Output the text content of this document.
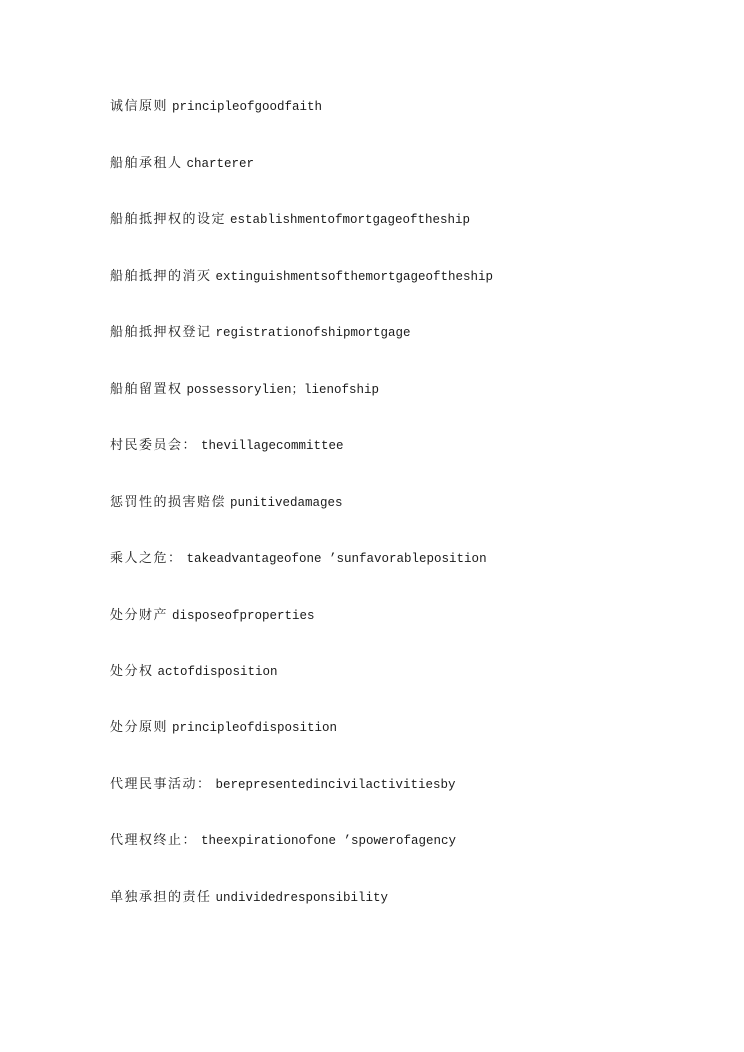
诚信原则 principleofgoodfaith
船舶承租人 charterer
船舶抵押权的设定 establishmentofmortgageoftheship
船舶抵押的消灭 extinguishmentsofthemortgageoftheship
船舶抵押权登记 registrationofshipmortgage
船舶留置权 possessorylien；lienofship
村民委员会： thevillagecommittee
惩罚性的损害赔偿 punitivedamages
乘人之危： takeadvantageofone ’sunfavorableposition
处分财产 disposeofproperties
处分权 actofdisposition
处分原则 principleofdisposition
代理民事活动： berepresentedincivilactivitiesby
代理权终止： theexpirationofone ’spowerofagency
单独承担的责任 undividedresponsibility
